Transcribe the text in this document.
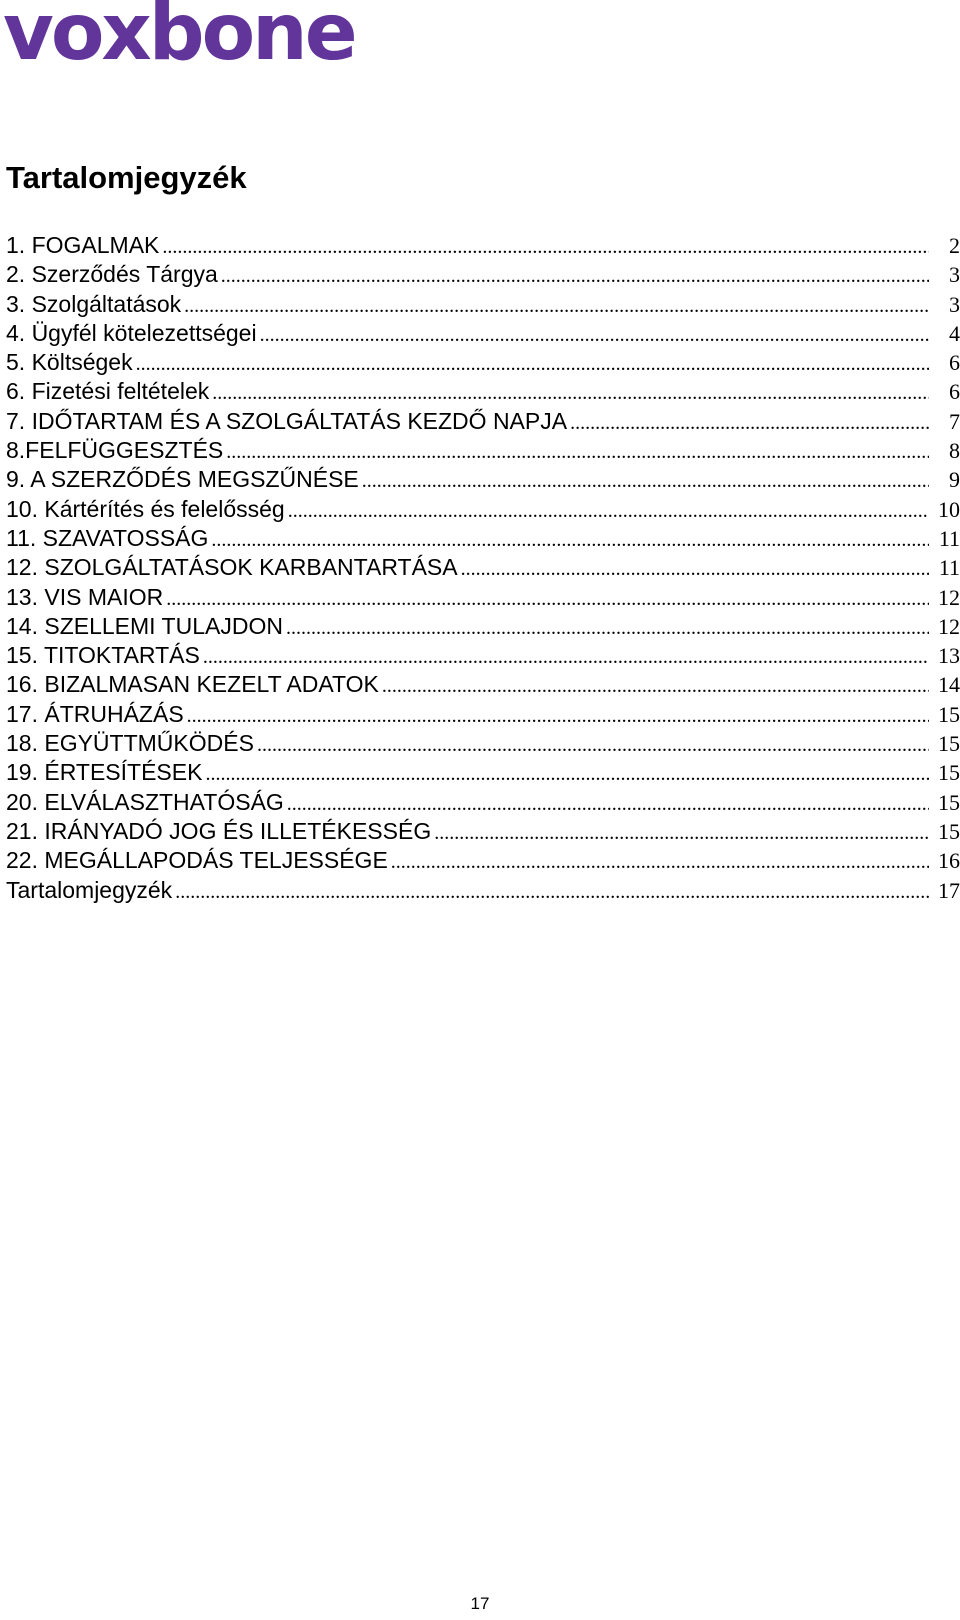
voxbone
Tartalomjegyzék
1. FOGALMAK .....	2
2. Szerződés Tárgya .....	3
3. Szolgáltatások .....	3
4. Ügyfél kötelezettségei .....	4
5. Költségek .....	6
6. Fizetési feltételek .....	6
7. IDŐTARTAM ÉS A SZOLGÁLTATÁS KEZDŐ NAPJA .....	7
8.FELFÜGGESZTÉS .....	8
9. A SZERZŐDÉS MEGSZŰNÉSE .....	9
10. Kártérítés és felelősség .....	10
11. SZAVATOSSÁG .....	11
12. SZOLGÁLTATÁSOK KARBANTARTÁSA .....	11
13. VIS MAIOR .....	12
14. SZELLEMI TULAJDON .....	12
15. TITOKTARTÁS .....	13
16. BIZALMASAN KEZELT ADATOK .....	14
17. ÁTRUHÁZÁS .....	15
18. EGYÜTTMŰKÖDÉS .....	15
19. ÉRTESÍTÉSEK .....	15
20. ELVÁLASZTHATÓSÁG .....	15
21. IRÁNYADÓ JOG ÉS ILLETÉKESSÉG .....	15
22. MEGÁLLAPODÁS TELJESSÉGE .....	16
Tartalomjegyzék .....	17
17
